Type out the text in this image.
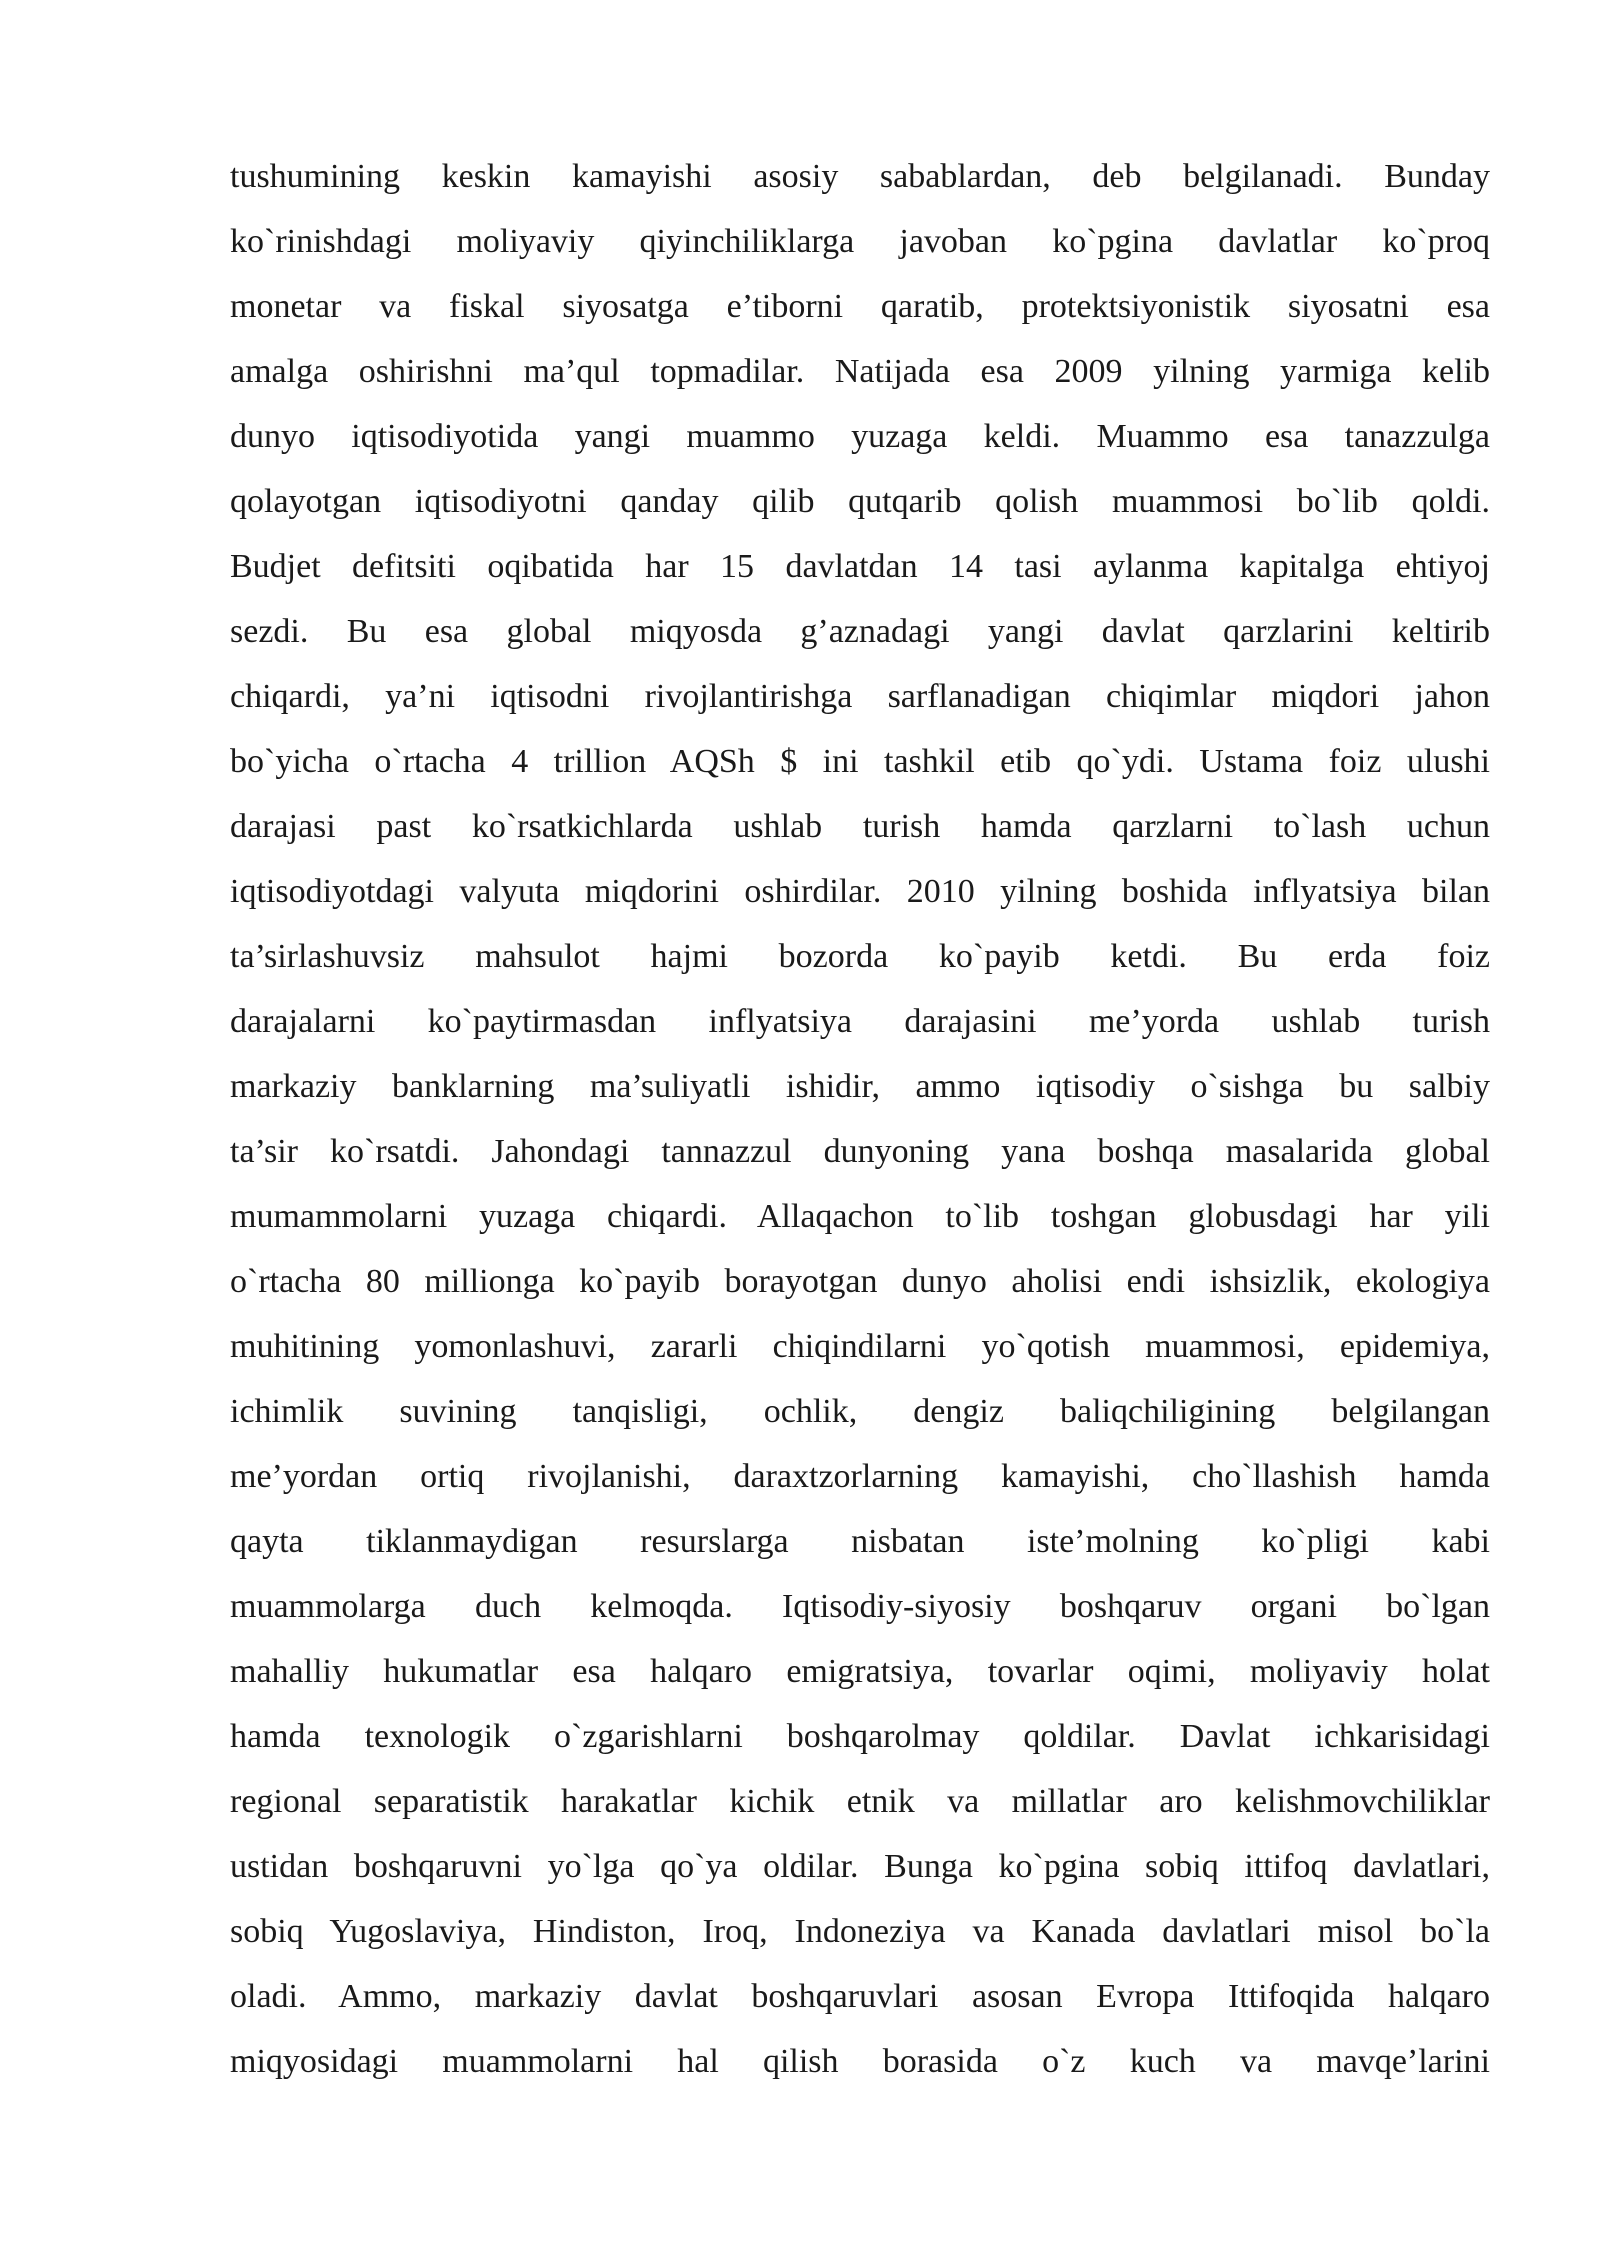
tushumining keskin kamayishi asosiy sabablardan, deb belgilanadi. Bunday
ko`rinishdagi moliyaviy qiyinchiliklarga javoban ko`pgina davlatlar ko`proq
monetar va fiskal siyosatga e’tiborni qaratib, protektsiyonistik siyosatni esa
amalga oshirishni ma’qul topmadilar. Natijada esa 2009 yilning yarmiga kelib
dunyo iqtisodiyotida yangi muammo yuzaga keldi. Muammo esa tanazzulga
qolayotgan iqtisodiyotni qanday qilib qutqarib qolish muammosi bo`lib qoldi.
Budjet defitsiti oqibatida har 15 davlatdan 14 tasi aylanma kapitalga ehtiyoj
sezdi. Bu esa global miqyosda g’aznadagi yangi davlat qarzlarini keltirib
chiqardi, ya’ni iqtisodni rivojlantirishga sarflanadigan chiqimlar miqdori jahon
bo`yicha o`rtacha 4 trillion AQSh $ ini tashkil etib qo`ydi. Ustama foiz ulushi
darajasi past ko`rsatkichlarda ushlab turish hamda qarzlarni to`lash uchun
iqtisodiyotdagi valyuta miqdorini oshirdilar. 2010 yilning boshida inflyatsiya bilan
ta’sirlashuvsiz mahsulot hajmi bozorda ko`payib ketdi. Bu erda foiz
darajalarni ko`paytirmasdan inflyatsiya darajasini me’yorda ushlab turish
markaziy banklarning ma’suliyatli ishidir, ammo iqtisodiy o`sishga bu salbiy
ta’sir ko`rsatdi. Jahondagi tannazzul dunyoning yana boshqa masalarida global
mumammolarni yuzaga chiqardi. Allaqachon to`lib toshgan globusdagi har yili
o`rtacha 80 millionga ko`payib borayotgan dunyo aholisi endi ishsizlik, ekologiya
muhitining yomonlashuvi, zararli chiqindilarni yo`qotish muammosi, epidemiya,
ichimlik suvining tanqisligi, ochlik, dengiz baliqchiligining belgilangan
me’yordan ortiq rivojlanishi, daraxtzorlarning kamayishi, cho`llashish hamda
qayta tiklanmaydigan resurslarga nisbatan iste’molning ko`pligi kabi
muammolarga duch kelmoqda. Iqtisodiy-siyosiy boshqaruv organi bo`lgan
mahalliy hukumatlar esa halqaro emigratsiya, tovarlar oqimi, moliyaviy holat
hamda texnologik o`zgarishlarni boshqarolmay qoldilar. Davlat ichkarisidagi
regional separatistik harakatlar kichik etnik va millatlar aro kelishmovchiliklar
ustidan boshqaruvni yo`lga qo`ya oldilar. Bunga ko`pgina sobiq ittifoq davlatlari,
sobiq Yugoslaviya, Hindiston, Iroq, Indoneziya va Kanada davlatlari misol bo`la
oladi. Ammo, markaziy davlat boshqaruvlari asosan Evropa Ittifoqida halqaro
miqyosidagi muammolarni hal qilish borasida o`z kuch va mavqe’larini
